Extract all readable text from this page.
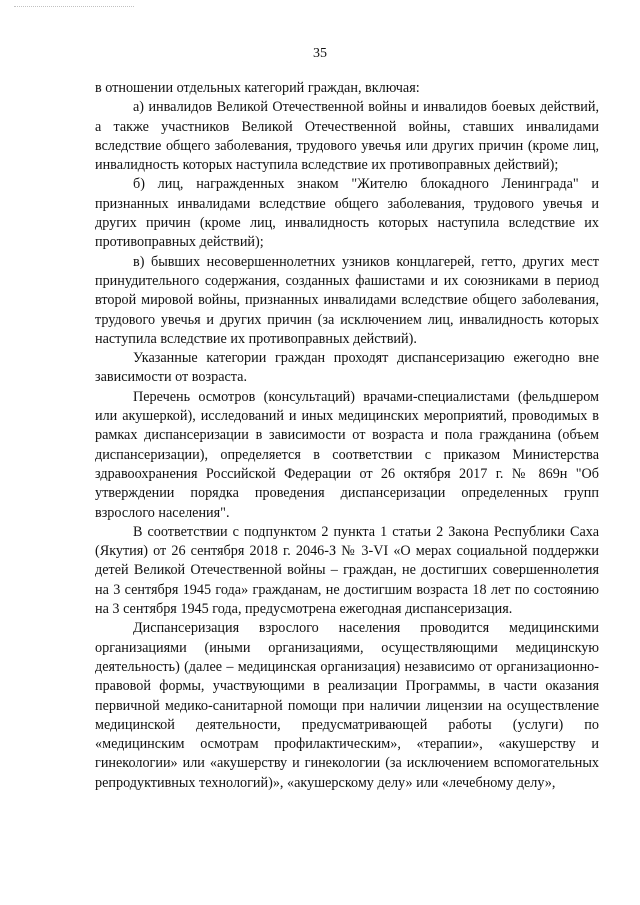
35

в отношении отдельных категорий граждан, включая:

а) инвалидов Великой Отечественной войны и инвалидов боевых действий, а также участников Великой Отечественной войны, ставших инвалидами вследствие общего заболевания, трудового увечья или других причин (кроме лиц, инвалидность которых наступила вследствие их противоправных действий);

б) лиц, награжденных знаком "Жителю блокадного Ленинграда" и признанных инвалидами вследствие общего заболевания, трудового увечья и других причин (кроме лиц, инвалидность которых наступила вследствие их противоправных действий);

в) бывших несовершеннолетних узников концлагерей, гетто, других мест принудительного содержания, созданных фашистами и их союзниками в период второй мировой войны, признанных инвалидами вследствие общего заболевания, трудового увечья и других причин (за исключением лиц, инвалидность которых наступила вследствие их противоправных действий).

Указанные категории граждан проходят диспансеризацию ежегодно вне зависимости от возраста.

Перечень осмотров (консультаций) врачами-специалистами (фельдшером или акушеркой), исследований и иных медицинских мероприятий, проводимых в рамках диспансеризации в зависимости от возраста и пола гражданина (объем диспансеризации), определяется в соответствии с приказом Министерства здравоохранения Российской Федерации от 26 октября 2017 г. № 869н "Об утверждении порядка проведения диспансеризации определенных групп взрослого населения".

В соответствии с подпунктом 2 пункта 1 статьи 2 Закона Республики Саха (Якутия) от 26 сентября 2018 г. 2046-З № 3-VI «О мерах социальной поддержки детей Великой Отечественной войны – граждан, не достигших совершеннолетия на 3 сентября 1945 года» гражданам, не достигшим возраста 18 лет по состоянию на 3 сентября 1945 года, предусмотрена ежегодная диспансеризация.

Диспансеризация взрослого населения проводится медицинскими организациями (иными организациями, осуществляющими медицинскую деятельность) (далее – медицинская организация) независимо от организационно-правовой формы, участвующими в реализации Программы, в части оказания первичной медико-санитарной помощи при наличии лицензии на осуществление медицинской деятельности, предусматривающей работы (услуги) по «медицинским осмотрам профилактическим», «терапии», «акушерству и гинекологии» или «акушерству и гинекологии (за исключением вспомогательных репродуктивных технологий)», «акушерскому делу» или «лечебному делу»,
